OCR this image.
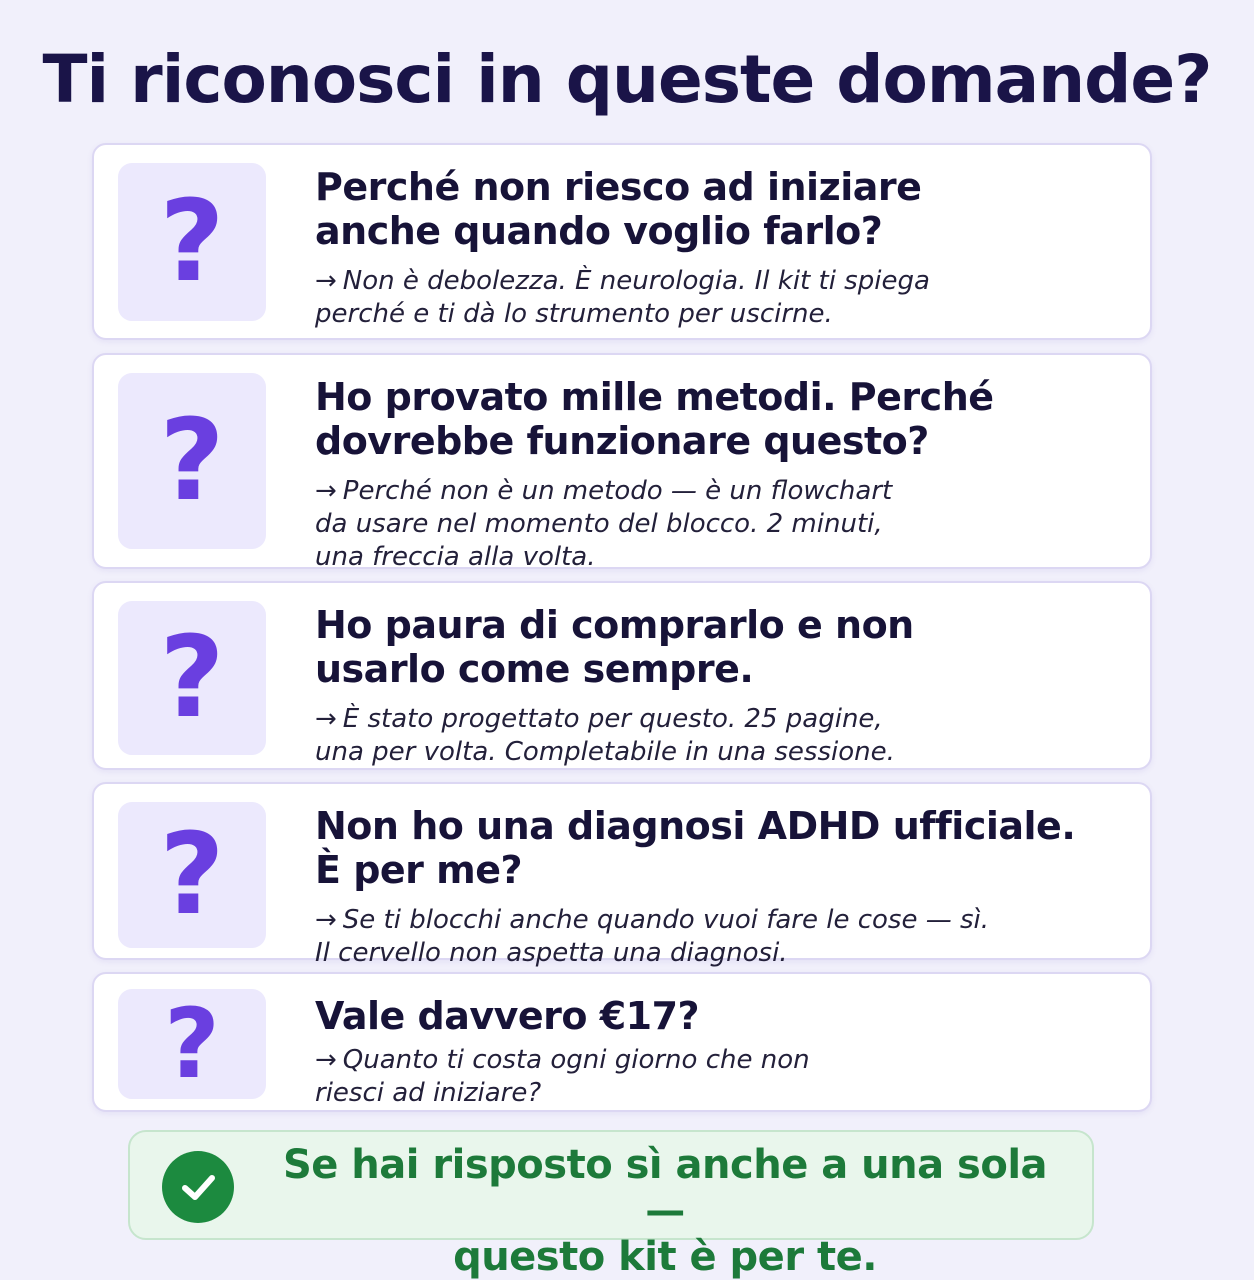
Ti riconosci in queste domande?
? Perché non riesco ad iniziare
anche quando voglio farlo?
→ Non è debolezza. È neurologia. Il kit ti spiega
perché e ti dà lo strumento per uscirne.
? Ho provato mille metodi. Perché
dovrebbe funzionare questo?
→ Perché non è un metodo — è un flowchart
da usare nel momento del blocco. 2 minuti,
una freccia alla volta.
? Ho paura di comprarlo e non
usarlo come sempre.
→ È stato progettato per questo. 25 pagine,
una per volta. Completabile in una sessione.
? Non ho una diagnosi ADHD ufficiale.
È per me?
→ Se ti blocchi anche quando vuoi fare le cose — sì.
Il cervello non aspetta una diagnosi.
?	Vale davvero €17?
→ Quanto ti costa ogni giorno che non
riesci ad iniziare?
Se hai risposto sì anche a una sola —
questo kit è per te.
